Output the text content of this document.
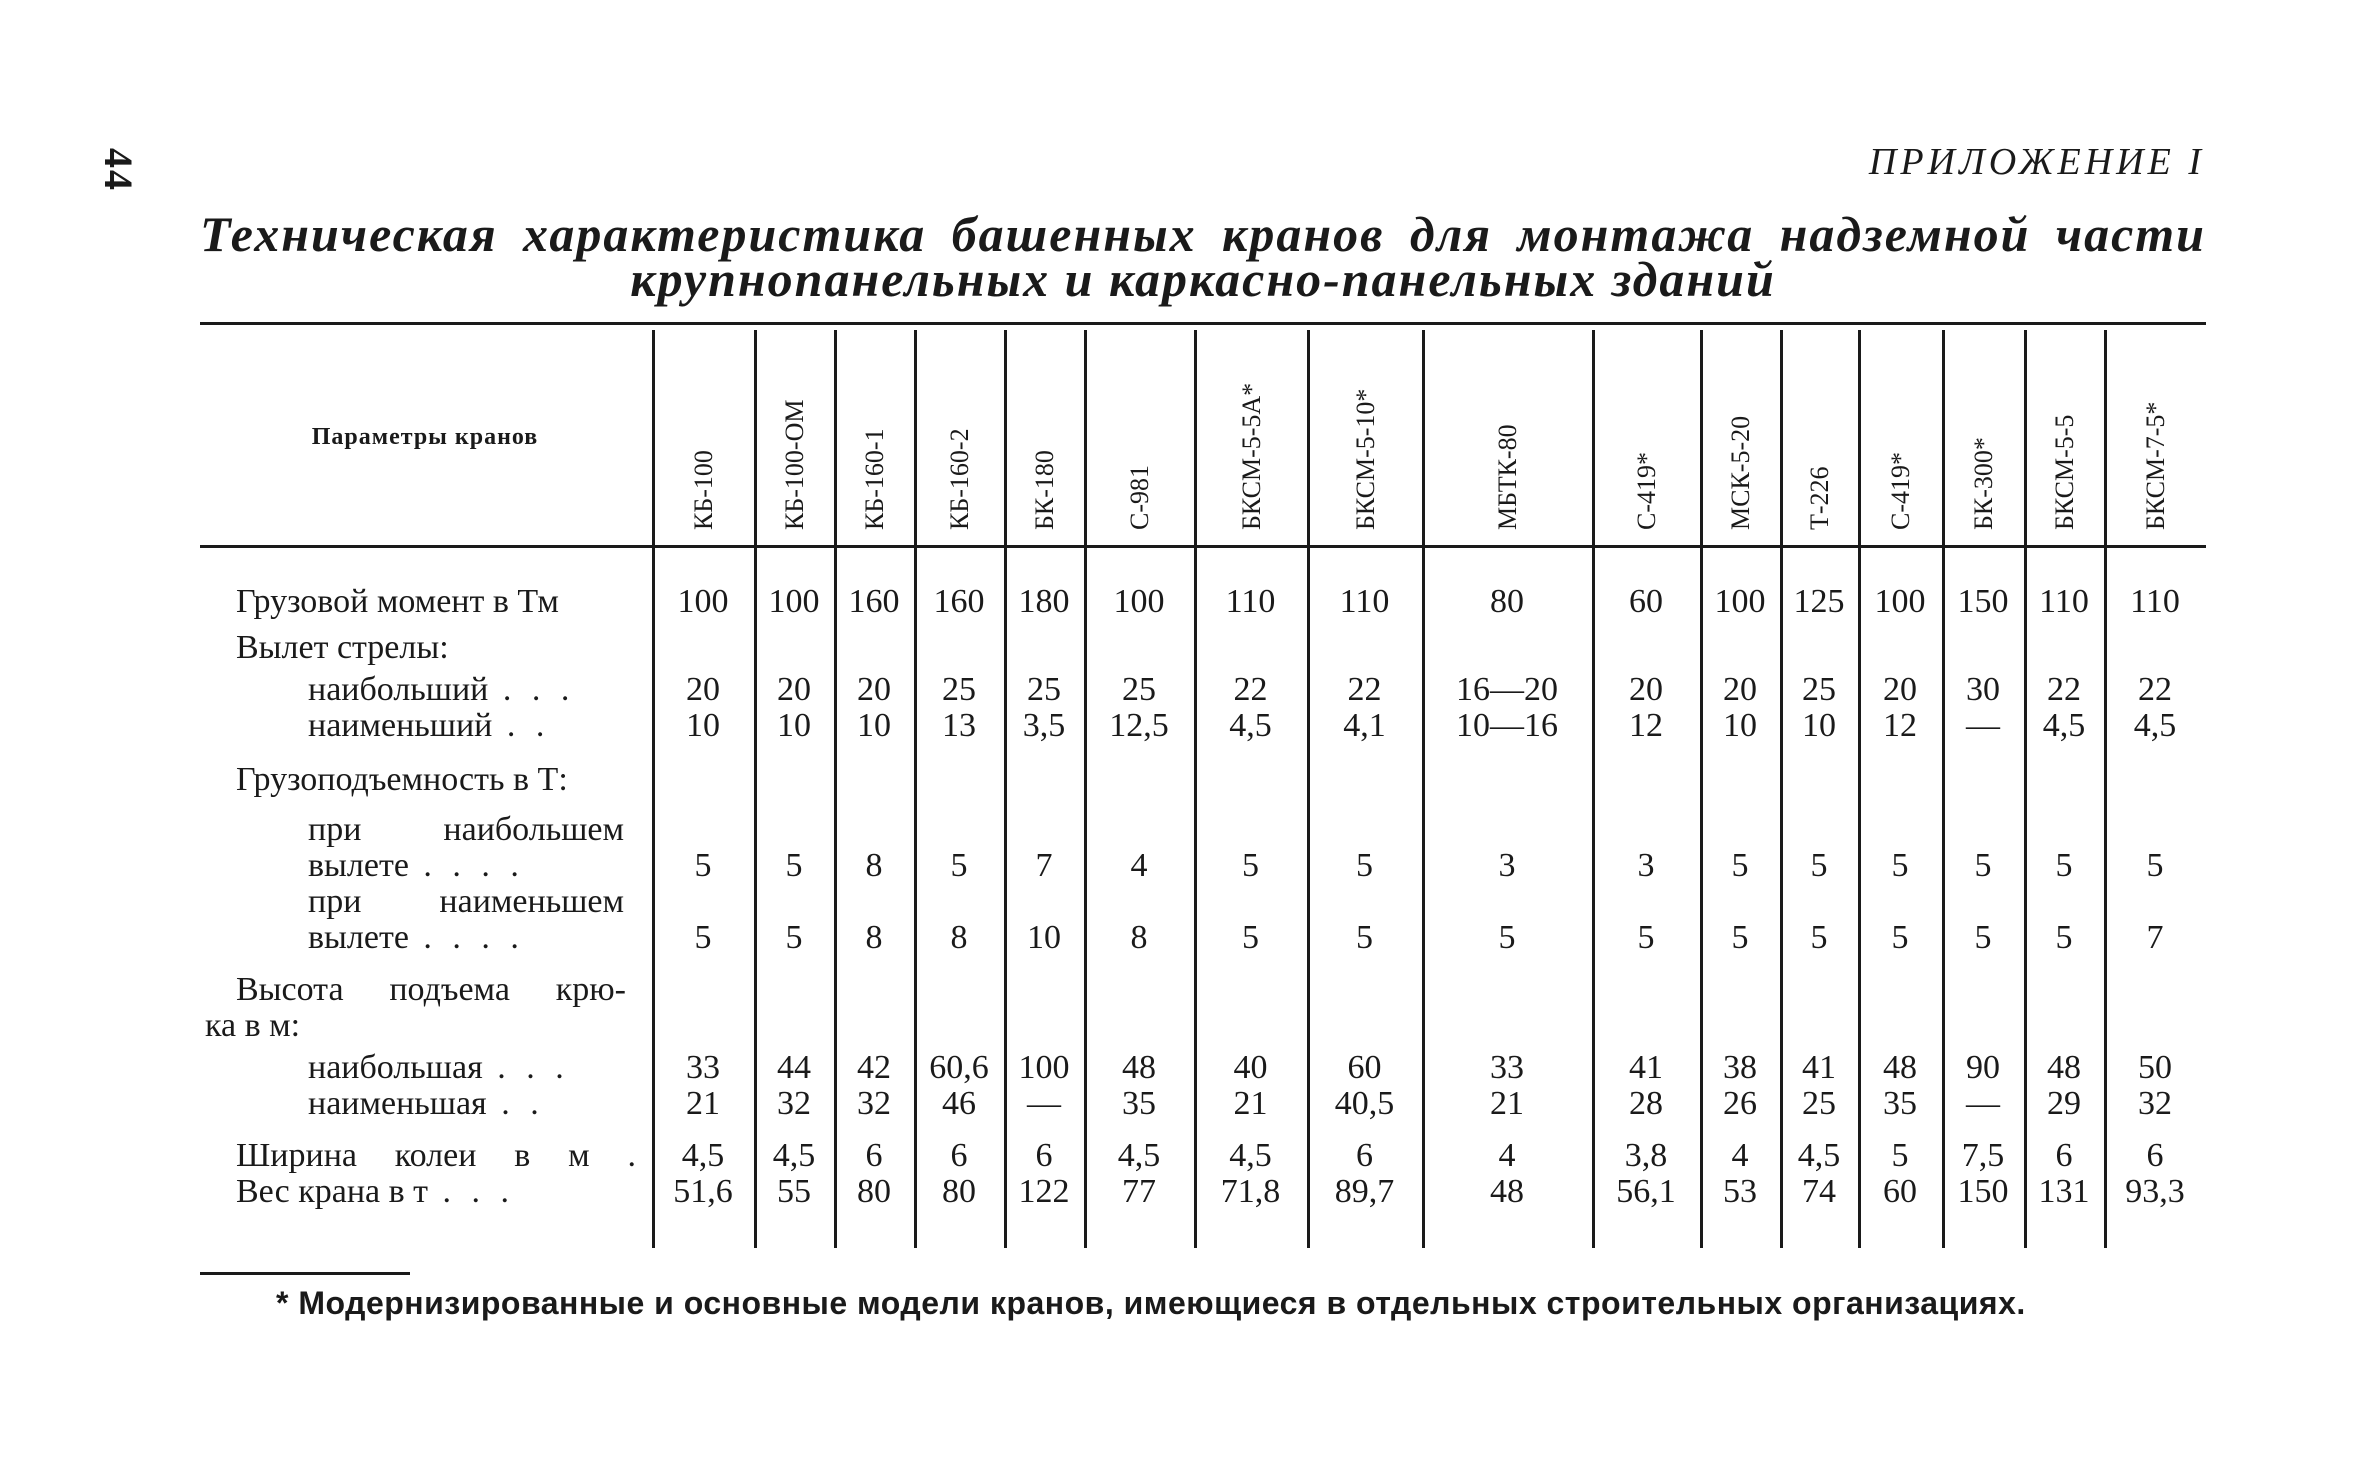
44	ПРИЛОЖЕНИЕ I
Техническая характеристика башенных кранов для монтажа надземной части
крупнопанельных и каркасно-панельных зданий
Параметры кранов
КБ-100
100
20
10
5
5
33
21
4,5
51,6
КБ-100-ОМ
100
20
10
5
5
44
32
4,5
55
КБ-160-1
160
20
10
8
8
42
32
6
80
КБ-160-2
160
25
13
5
8
60,6
46
6
80
БК-180
180
25
3,5
7
10
100
—
6
122
С-981
100
25
12,5
4
8
48
35
4,5
77
БКСМ-5-5А*
110
22
4,5
5
5
40
21
4,5
71,8
БКСМ-5-10*
110
22
4,1
5
5
60
40,5
6
89,7
МБТК-80
80
16—20
10—16
3
5
33
21
4
48
С-419*
60
20
12
3
5
41
28
3,8
56,1
МСК-5-20
100
20
10
5
5
38
26
4
53
Т-226
125
25
10
5
5
41
25
4,5
74
С-419*
100
20
12
5
5
48
35
5
60
БК-300*
150
30
—
5
5
90
—
7,5
150
БКСМ-5-5
110
22
4,5
5
5
48
29
6
131
БКСМ-7-5*
110
22
4,5
5
7
50
32
6
93,3
Грузовой момент в Тм
Вылет стрелы:
наибольший . . .
наименьший . .
Грузоподъемность в Т:
при наибольшем
вылете . . . .
при наименьшем
вылете . . . .
Высота подъема крю-
ка в м:
наибольшая . . .
наименьшая . .
Ширина колеи в м .
Вес крана в т . . .
* Модернизированные и основные модели кранов, имеющиеся в отдельных строительных организациях.
